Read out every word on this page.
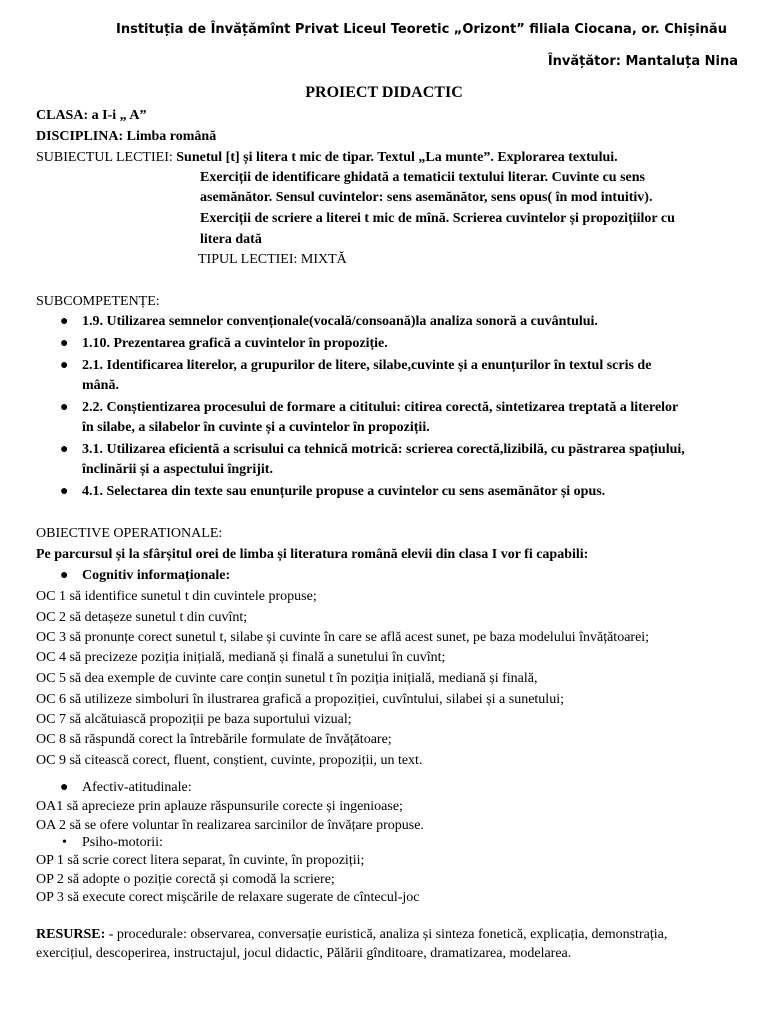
Instituția de Învățămînt Privat Liceul Teoretic „Orizont” filiala Ciocana, or. Chișinău
Învățător: Mantaluța Nina
PROIECT DIDACTIC
CLASA: a I-i „ A”
DISCIPLINA: Limba română
SUBIECTUL LECTIEI: Sunetul [t] și litera t mic de tipar. Textul „La munte”. Explorarea textului.
Exerciții de identificare ghidată a tematicii textului literar. Cuvinte cu sens
asemănător. Sensul cuvintelor: sens asemănător, sens opus( în mod intuitiv).
Exerciții de scriere a literei t mic de mînă. Scrierea cuvintelor și propozițiilor cu
litera dată
TIPUL LECTIEI: MIXTĂ
SUBCOMPETENȚE:
● 1.9. Utilizarea semnelor convenționale(vocală/consoană)la analiza sonoră a cuvântului.
● 1.10. Prezentarea grafică a cuvintelor în propoziție.
● 2.1. Identificarea literelor, a grupurilor de litere, silabe,cuvinte și a enunțurilor în textul scris de
mână.
● 2.2. Conștientizarea procesului de formare a cititului: citirea corectă, sintetizarea treptată a literelor
în silabe, a silabelor în cuvinte și a cuvintelor în propoziții.
● 3.1. Utilizarea eficientă a scrisului ca tehnică motrică: scrierea corectă,lizibilă, cu păstrarea spațiului,
înclinării și a aspectului îngrijit.
● 4.1. Selectarea din texte sau enunțurile propuse a cuvintelor cu sens asemănător și opus.
OBIECTIVE OPERATIONALE:
Pe parcursul și la sfârșitul orei de limba și literatura română elevii din clasa I vor fi capabili:
● Cognitiv informaționale:
OC 1 să identifice sunetul t din cuvintele propuse;
OC 2 să detașeze sunetul t din cuvînt;
OC 3 să pronunțe corect sunetul t, silabe și cuvinte în care se află acest sunet, pe baza modelului învățătoarei;
OC 4 să precizeze poziția inițială, mediană și finală a sunetului în cuvînt;
OC 5 să dea exemple de cuvinte care conțin sunetul t în poziția inițială, mediană și finală,
OC 6 să utilizeze simboluri în ilustrarea grafică a propoziției, cuvîntului, silabei și a sunetului;
OC 7 să alcătuiască propoziții pe baza suportului vizual;
OC 8 să răspundă corect la întrebările formulate de învățătoare;
OC 9 să citească corect, fluent, conștient, cuvinte, propoziții, un text.
● Afectiv-atitudinale:
OA1 să aprecieze prin aplauze răspunsurile corecte și ingenioase;
OA 2 să se ofere voluntar în realizarea sarcinilor de învățare propuse.
• Psiho-motorii:
OP 1 să scrie corect litera separat, în cuvinte, în propoziții;
OP 2 să adopte o poziție corectă și comodă la scriere;
OP 3 să execute corect mișcările de relaxare sugerate de cîntecul-joc
RESURSE: - procedurale: observarea, conversație euristică, analiza și sinteza fonetică, explicația, demonstrația,
exercițiul, descoperirea, instructajul, jocul didactic, Pălării gînditoare, dramatizarea, modelarea.
